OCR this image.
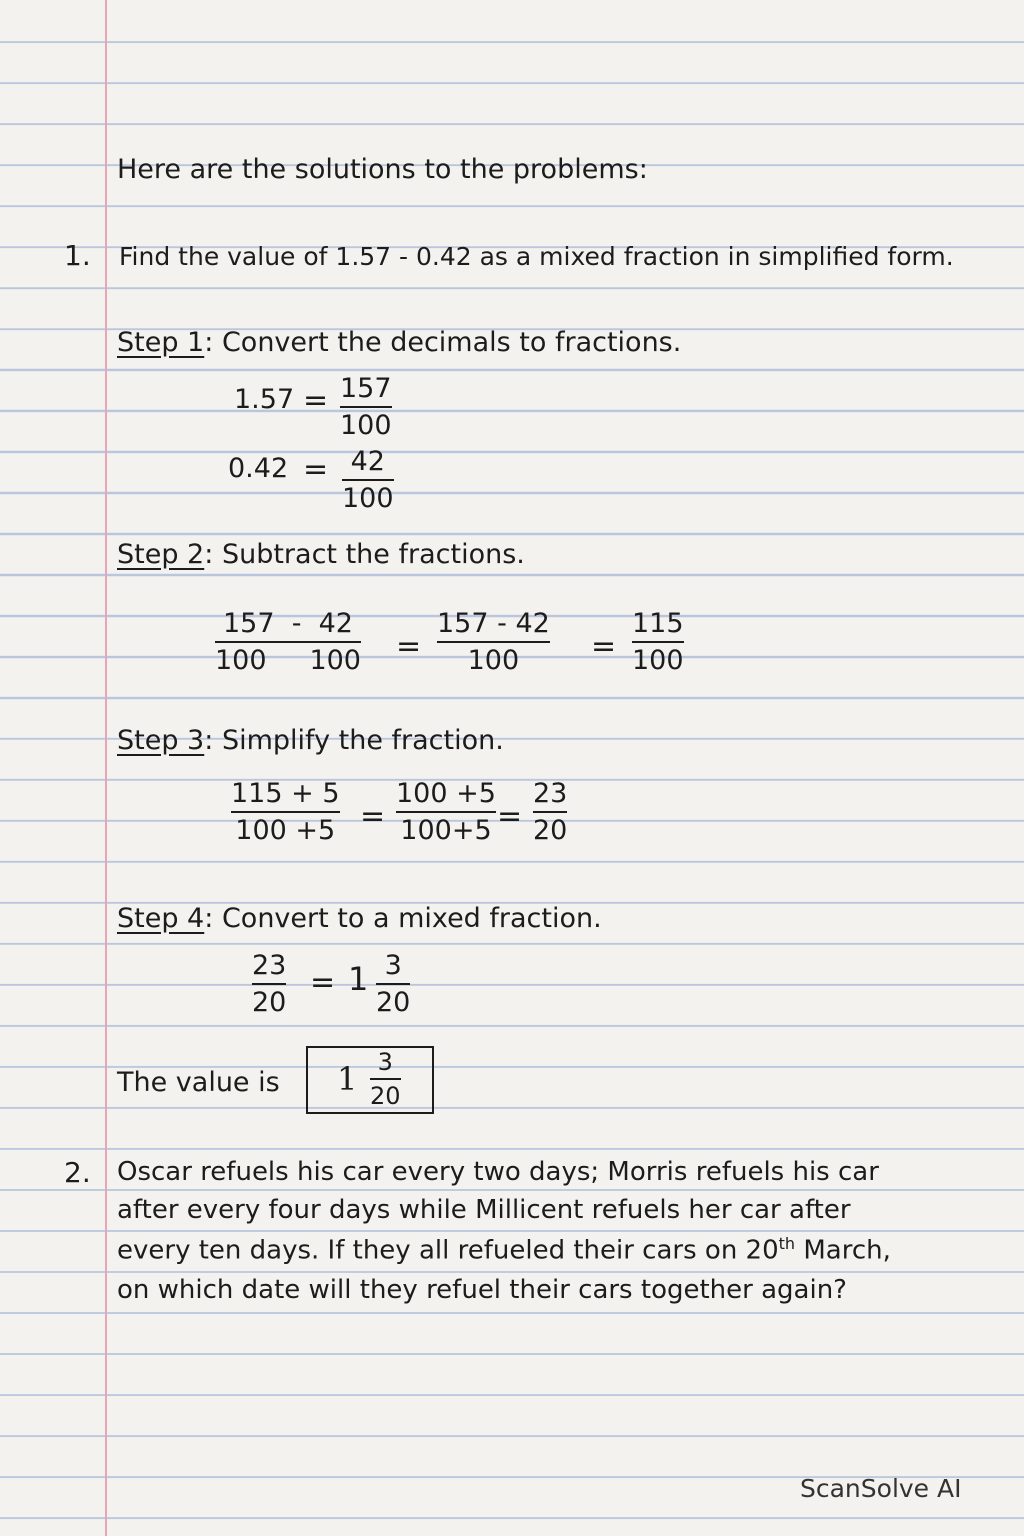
Here are the solutions to the problems:
1. Find the value of 1.57 - 0.42 as a mixed fraction in simplified form.
Step 1: Convert the decimals to fractions.
1.57 = 157
100
0.42 = 42
100
Step 2: Subtract the fractions.
157  -  42
100     100 =
157 - 42
100 =
115
100
Step 3: Simplify the fraction.
115 + 5
100 +5 =
100 +5
100+5 =
23
20
Step 4: Convert to a mixed fraction.
23
20
= 1 3
20
The value is 1 3
20
2. Oscar refuels his car every two days; Morris refuels his car
after every four days while Millicent refuels her car after
every ten days. If they all refueled their cars on 20th March,
on which date will they refuel their cars together again?
ScanSolve AI
